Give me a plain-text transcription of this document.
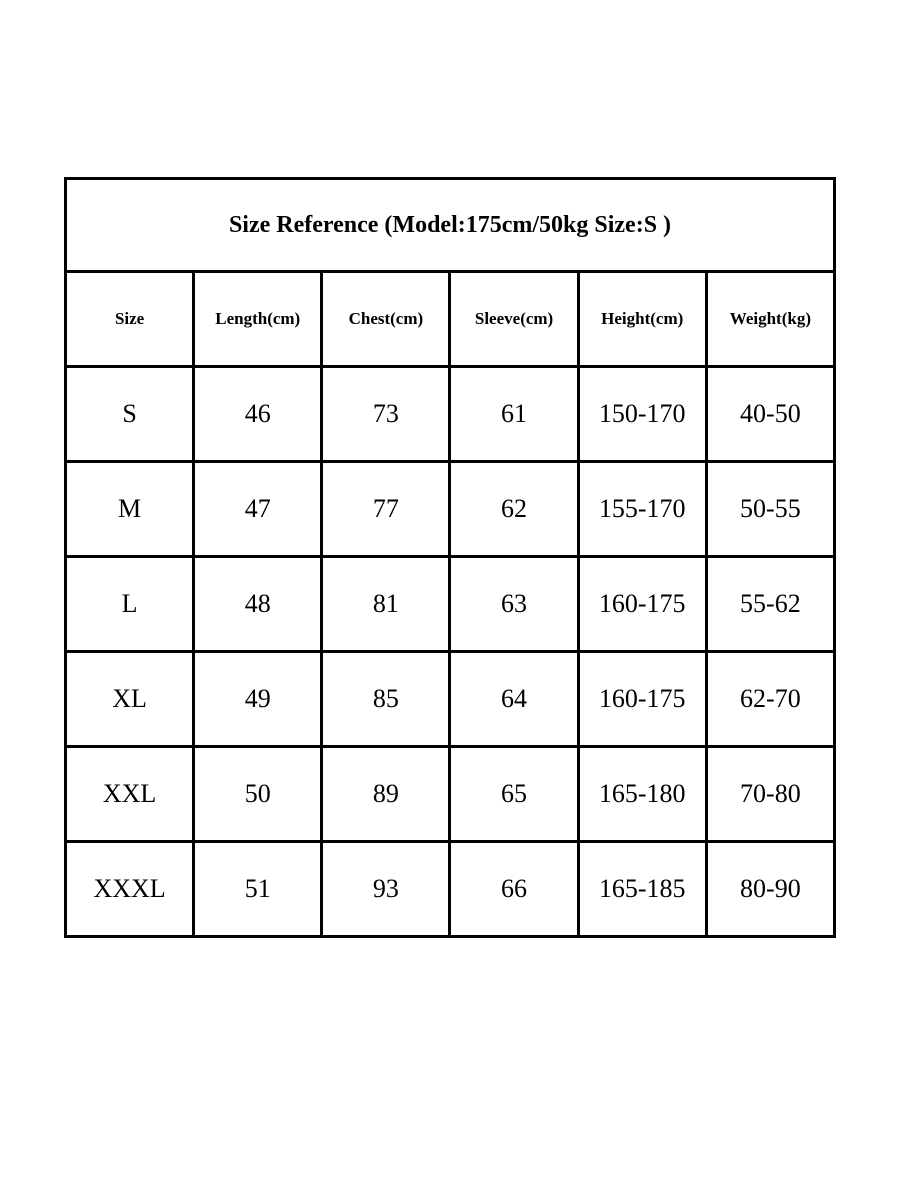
Size Reference (Model:175cm/50kg Size:S )					
Size	Length(cm)	Chest(cm)	Sleeve(cm)	Height(cm)	Weight(kg)
S	46	73	61	150-170	40-50
M	47	77	62	155-170	50-55
L	48	81	63	160-175	55-62
XL	49	85	64	160-175	62-70
XXL	50	89	65	165-180	70-80
XXXL	51	93	66	165-185	80-90
